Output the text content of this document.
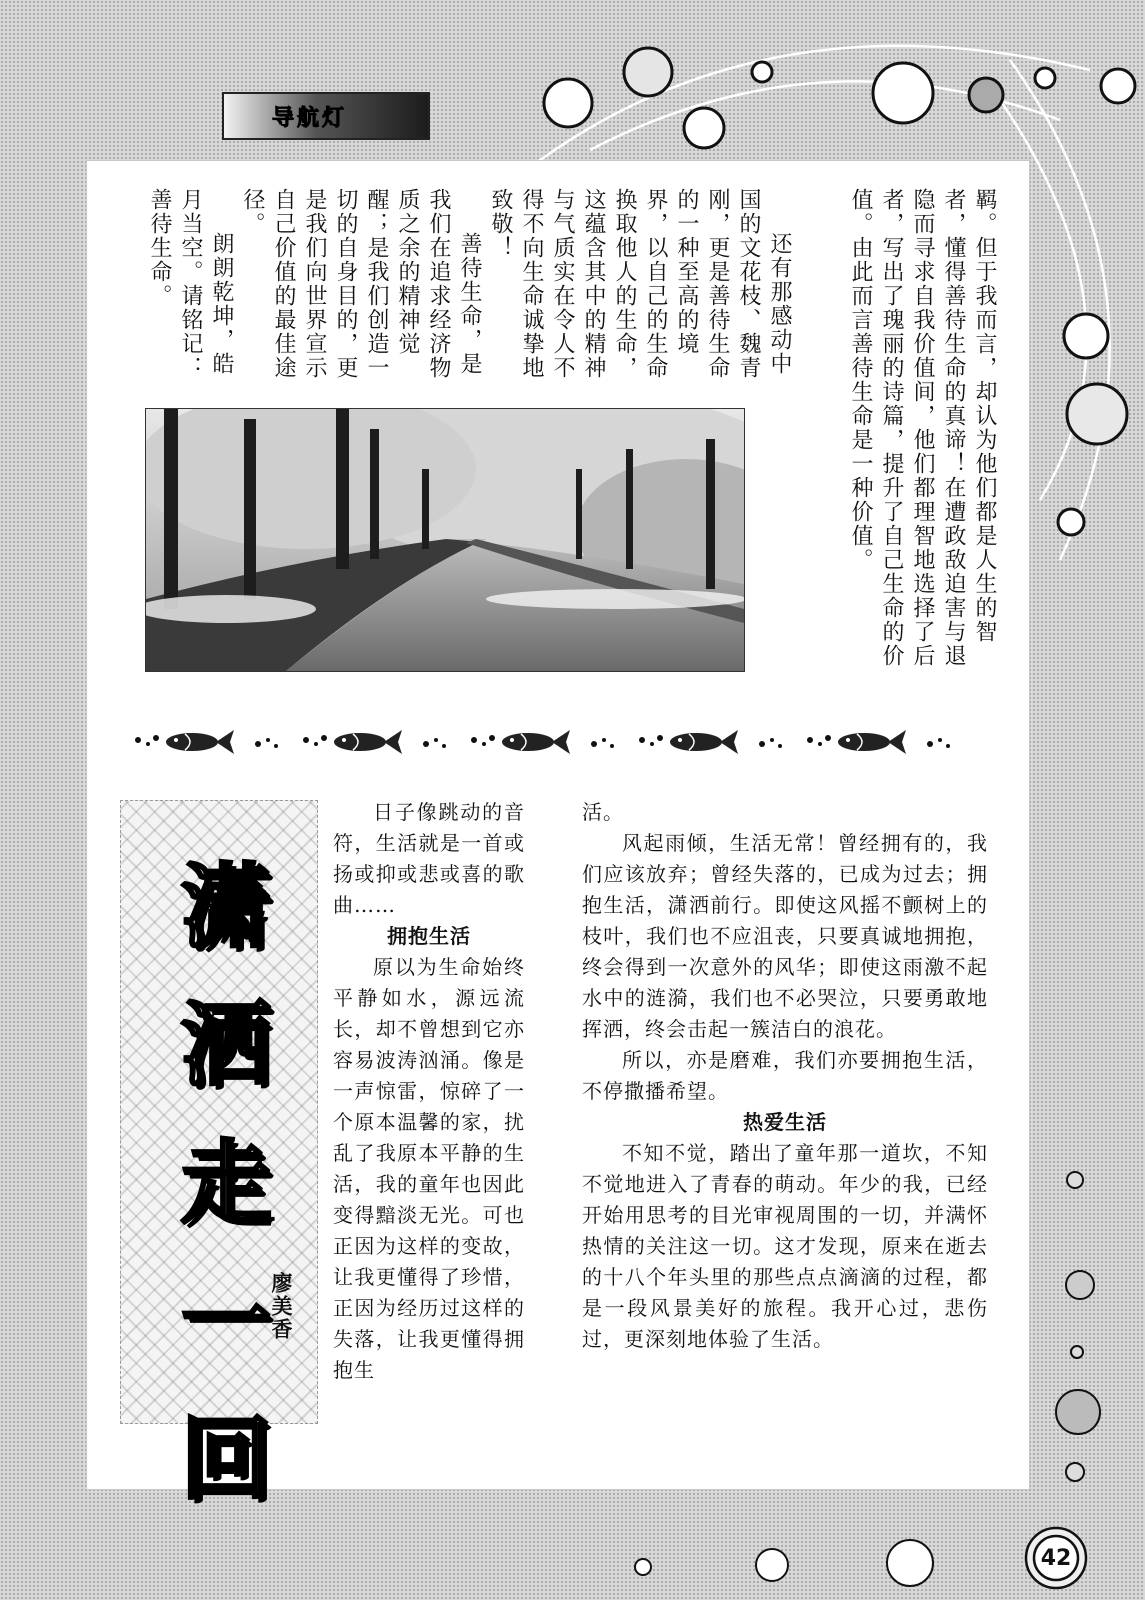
导航灯

羁。但于我而言，却认为他们都是人生的智者，懂得善待生命的真谛！在遭政敌迫害与退隐而寻求自我价值间，他们都理智地选择了后者，写出了瑰丽的诗篇，提升了自己生命的价值。由此而言善待生命是一种价值。

还有那感动中国的文花枝、魏青刚，更是善待生命的一种至高的境界，以自己的生命换取他人的生命，这蕴含其中的精神与气质实在令人不得不向生命诚挚地致敬！

善待生命，是我们在追求经济物质之余的精神觉醒；是我们创造一切的自身目的，更是我们向世界宣示自己价值的最佳途径。

朗朗乾坤，皓月当空。请铭记：善待生命。

潇
洒
走
一
回
廖美香

日子像跳动的音符，生活就是一首或扬或抑或悲或喜的歌曲……

拥抱生活

原以为生命始终平静如水，源远流长，却不曾想到它亦容易波涛汹涌。像是一声惊雷，惊碎了一个原本温馨的家，扰乱了我原本平静的生活，我的童年也因此变得黯淡无光。可也正因为这样的变故，让我更懂得了珍惜，正因为经历过这样的失落，让我更懂得拥抱生

活。

风起雨倾，生活无常！曾经拥有的，我们应该放弃；曾经失落的，已成为过去；拥抱生活，潇洒前行。即使这风摇不颤树上的枝叶，我们也不应沮丧，只要真诚地拥抱，终会得到一次意外的风华；即使这雨激不起水中的涟漪，我们也不必哭泣，只要勇敢地挥洒，终会击起一簇洁白的浪花。

所以，亦是磨难，我们亦要拥抱生活，不停撒播希望。

热爱生活

不知不觉，踏出了童年那一道坎，不知不觉地进入了青春的萌动。年少的我，已经开始用思考的目光审视周围的一切，并满怀热情的关注这一切。这才发现，原来在逝去的十八个年头里的那些点点滴滴的过程，都是一段风景美好的旅程。我开心过，悲伤过，更深刻地体验了生活。

42
